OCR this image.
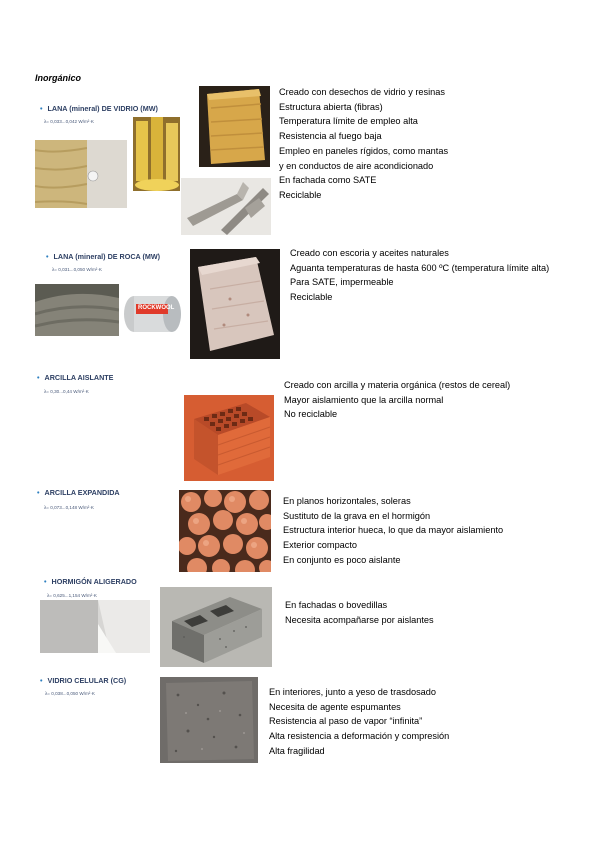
Inorgánico
• LANA (mineral) DE VIDRIO (MW)
λ= 0,033...0,042 W/m²·K
Creado con desechos de vidrio y resinas
Estructura abierta (fibras)
Temperatura límite de empleo alta
Resistencia al fuego baja
Empleo en paneles rígidos, como mantas
y en conductos de aire acondicionado
En fachada como SATE
Reciclable
• LANA (mineral) DE ROCA (MW)
λ= 0,031...0,050 W/m²·K
ROCKWOOL
Creado con escoria y aceites naturales
Aguanta temperaturas de hasta 600 ºC (temperatura límite alta)
Para SATE, impermeable
Reciclable
• ARCILLA AISLANTE
λ= 0,30...0,44 W/m²·K
Creado con arcilla y materia orgánica (restos de cereal)
Mayor aislamiento que la arcilla normal
No reciclable
• ARCILLA EXPANDIDA
λ= 0,073...0,148 W/m²·K
En planos horizontales, soleras
Sustituto de la grava en el hormigón
Estructura interior hueca, lo que da mayor aislamiento
Exterior compacto
En conjunto es poco aislante
• HORMIGÓN ALIGERADO
λ= 0,625...1,154 W/m²·K
En fachadas o bovedillas
Necesita acompañarse por aislantes
• VIDRIO CELULAR (CG)
λ= 0,038...0,050 W/m²·K	En interiores, junto a yeso de trasdosado
Necesita de agente espumantes
Resistencia al paso de vapor “infinita”
Alta resistencia a deformación y compresión
Alta fragilidad
